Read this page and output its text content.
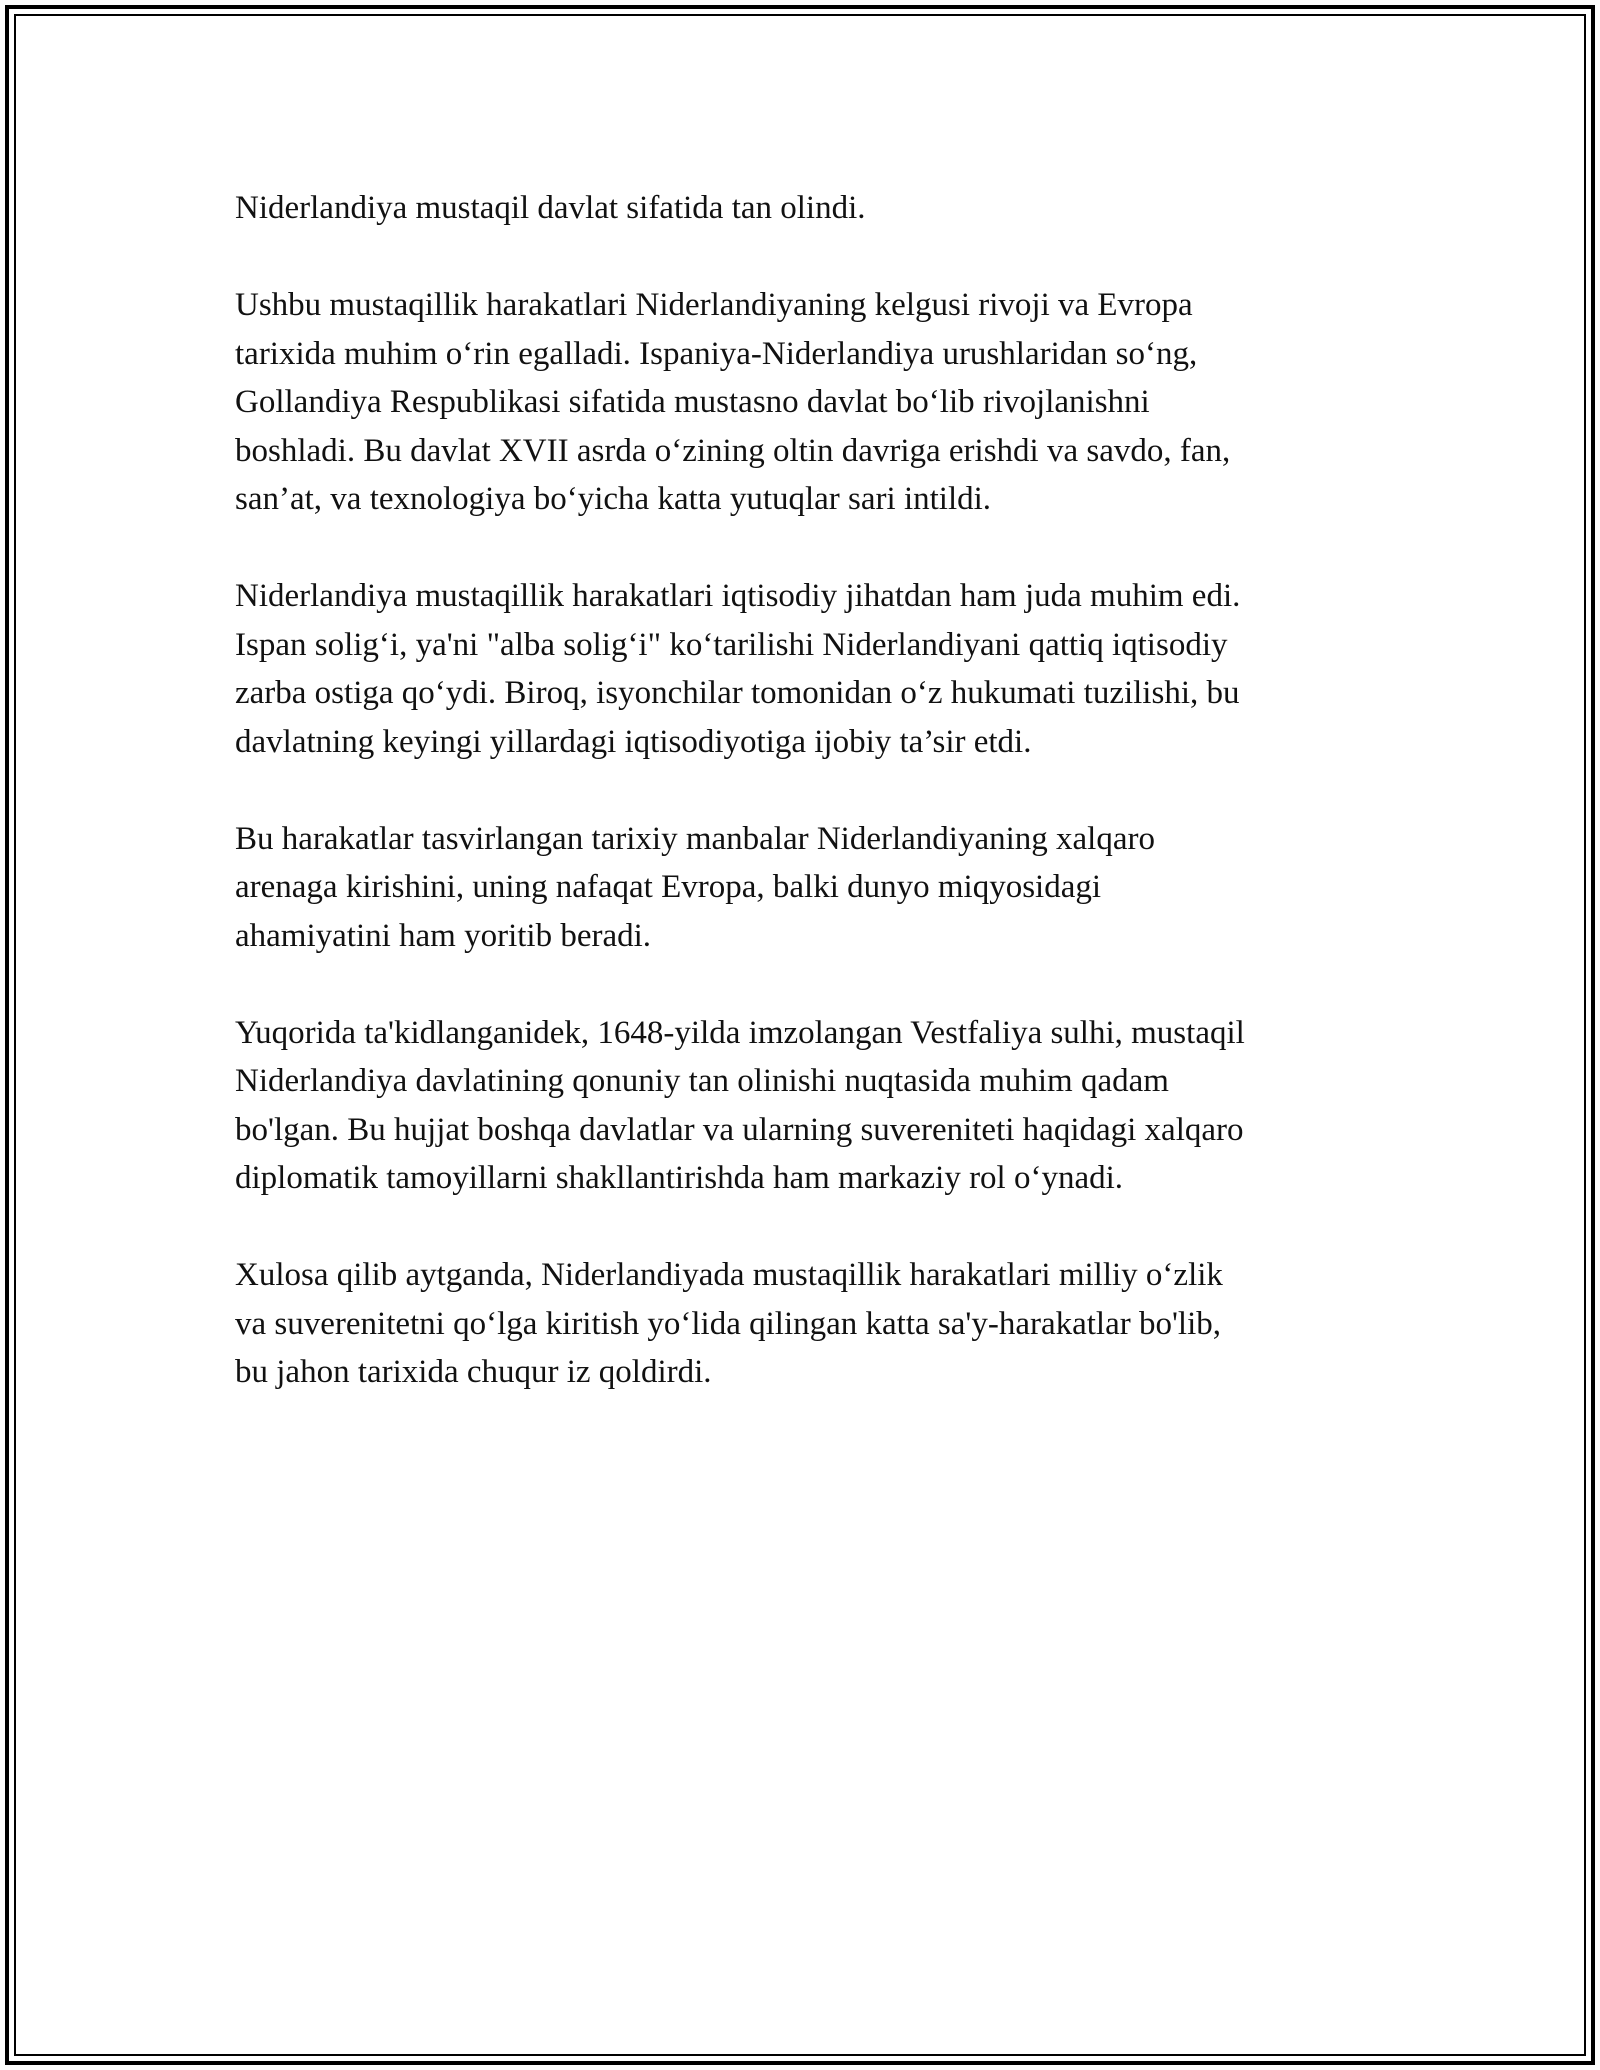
Niderlandiya mustaqil davlat sifatida tan olindi.

Ushbu mustaqillik harakatlari Niderlandiyaning kelgusi rivoji va Evropa
tarixida muhim o‘rin egalladi. Ispaniya-Niderlandiya urushlaridan so‘ng,
Gollandiya Respublikasi sifatida mustasno davlat bo‘lib rivojlanishni
boshladi. Bu davlat XVII asrda o‘zining oltin davriga erishdi va savdo, fan,
san’at, va texnologiya bo‘yicha katta yutuqlar sari intildi.

Niderlandiya mustaqillik harakatlari iqtisodiy jihatdan ham juda muhim edi.
Ispan solig‘i, ya'ni "alba solig‘i" ko‘tarilishi Niderlandiyani qattiq iqtisodiy
zarba ostiga qo‘ydi. Biroq, isyonchilar tomonidan o‘z hukumati tuzilishi, bu
davlatning keyingi yillardagi iqtisodiyotiga ijobiy ta’sir etdi.

Bu harakatlar tasvirlangan tarixiy manbalar Niderlandiyaning xalqaro
arenaga kirishini, uning nafaqat Evropa, balki dunyo miqyosidagi
ahamiyatini ham yoritib beradi.

Yuqorida ta'kidlanganidek, 1648-yilda imzolangan Vestfaliya sulhi, mustaqil
Niderlandiya davlatining qonuniy tan olinishi nuqtasida muhim qadam
bo'lgan. Bu hujjat boshqa davlatlar va ularning suvereniteti haqidagi xalqaro
diplomatik tamoyillarni shakllantirishda ham markaziy rol o‘ynadi.

Xulosa qilib aytganda, Niderlandiyada mustaqillik harakatlari milliy o‘zlik
va suverenitetni qo‘lga kiritish yo‘lida qilingan katta sa'y-harakatlar bo'lib,
bu jahon tarixida chuqur iz qoldirdi.
